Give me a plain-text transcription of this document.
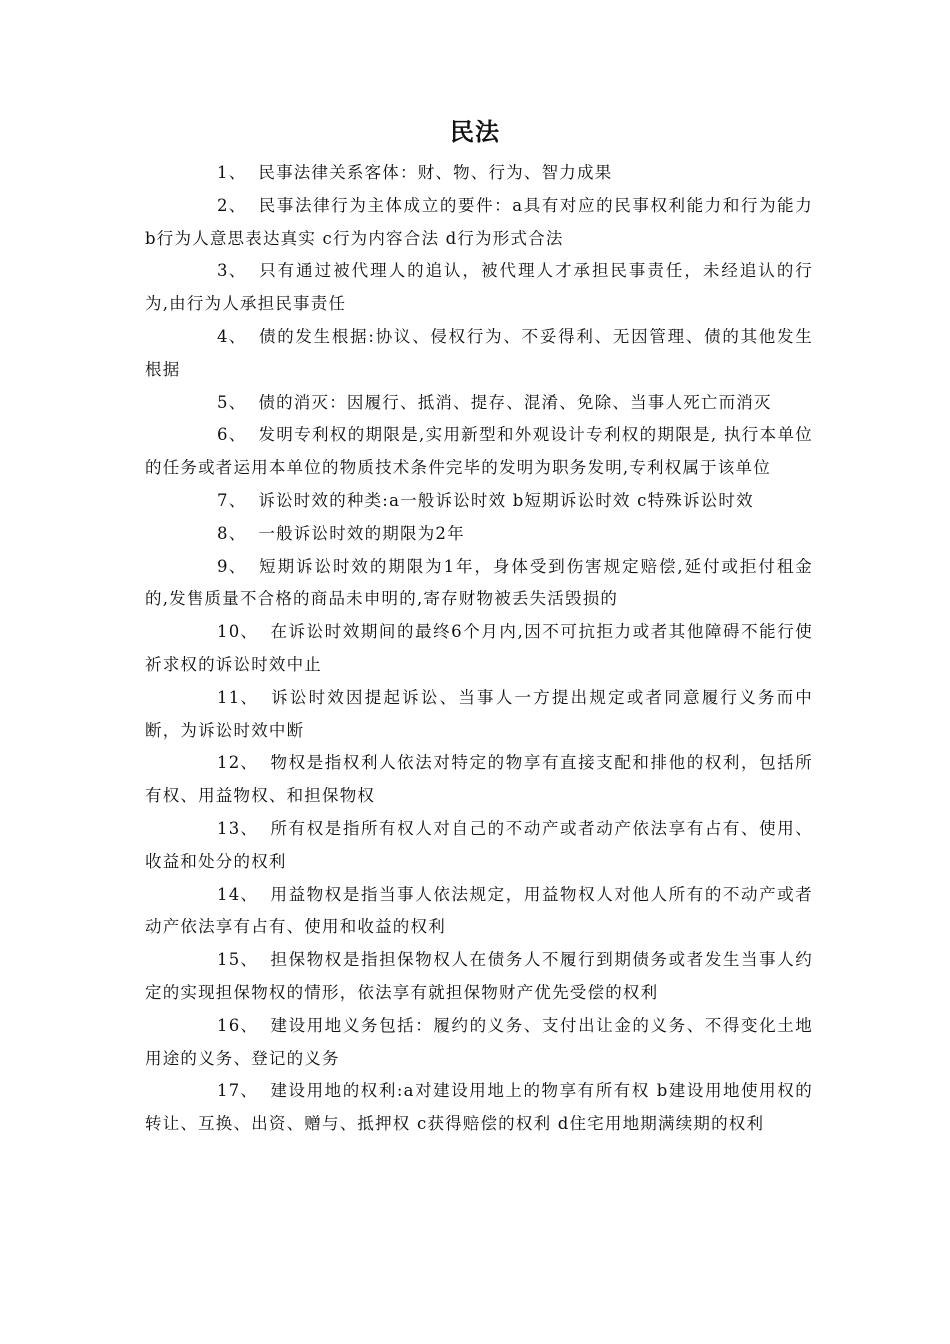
民法

1、 民事法律关系客体：财、物、行为、智力成果

2、 民事法律行为主体成立的要件：a具有对应的民事权利能力和行为能力 b行为人意思表达真实 c行为内容合法 d行为形式合法

3、 只有通过被代理人的追认，被代理人才承担民事责任，未经追认的行为,由行为人承担民事责任

4、 债的发生根据:协议、侵权行为、不妥得利、无因管理、债的其他发生根据

5、 债的消灭：因履行、抵消、提存、混淆、免除、当事人死亡而消灭

6、 发明专利权的期限是,实用新型和外观设计专利权的期限是, 执行本单位的任务或者运用本单位的物质技术条件完毕的发明为职务发明,专利权属于该单位

7、 诉讼时效的种类:a一般诉讼时效 b短期诉讼时效 c特殊诉讼时效

8、 一般诉讼时效的期限为2年

9、 短期诉讼时效的期限为1年，身体受到伤害规定赔偿,延付或拒付租金的,发售质量不合格的商品未申明的,寄存财物被丢失活毁损的

10、 在诉讼时效期间的最终6个月内,因不可抗拒力或者其他障碍不能行使祈求权的诉讼时效中止

11、 诉讼时效因提起诉讼、当事人一方提出规定或者同意履行义务而中断，为诉讼时效中断

12、 物权是指权利人依法对特定的物享有直接支配和排他的权利，包括所有权、用益物权、和担保物权

13、 所有权是指所有权人对自己的不动产或者动产依法享有占有、使用、收益和处分的权利

14、 用益物权是指当事人依法规定，用益物权人对他人所有的不动产或者动产依法享有占有、使用和收益的权利

15、 担保物权是指担保物权人在债务人不履行到期债务或者发生当事人约定的实现担保物权的情形，依法享有就担保物财产优先受偿的权利

16、 建设用地义务包括：履约的义务、支付出让金的义务、不得变化土地用途的义务、登记的义务

17、 建设用地的权利:a对建设用地上的物享有所有权 b建设用地使用权的转让、互换、出资、赠与、抵押权 c获得赔偿的权利 d住宅用地期满续期的权利
